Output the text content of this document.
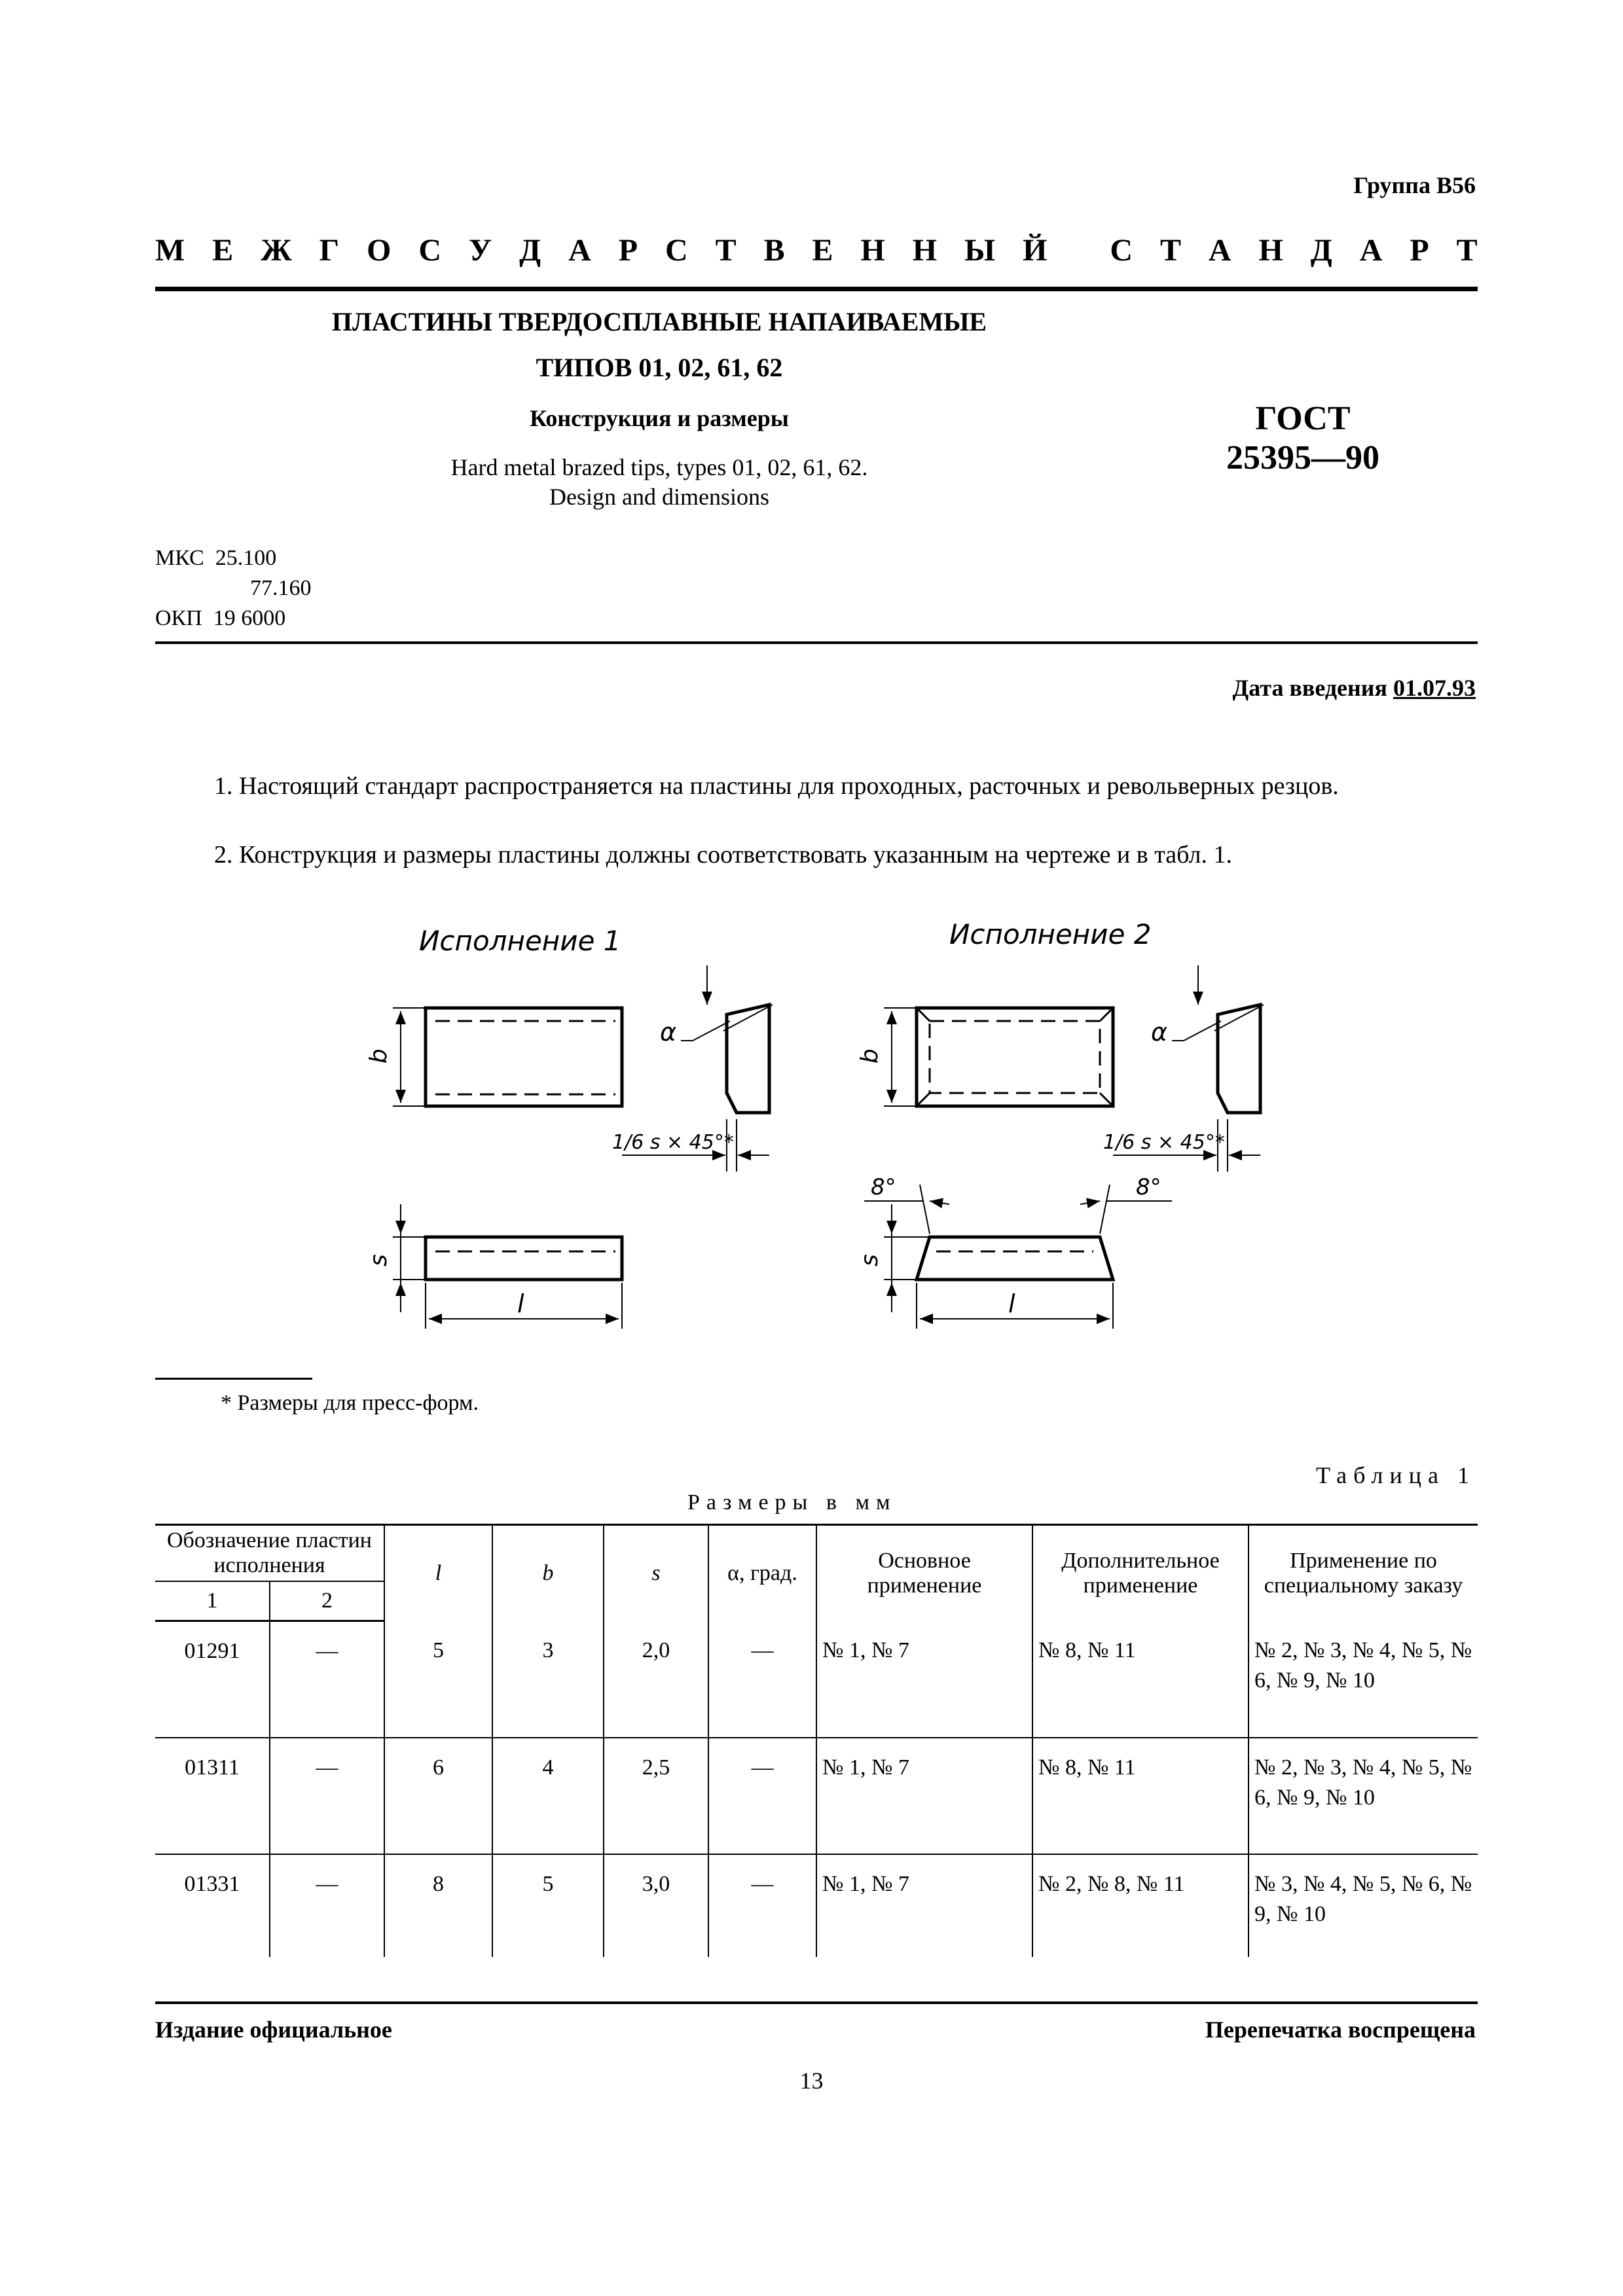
Группа В56
М Е Ж Г О С У Д А Р С Т В Е Н Н Ы Й
С Т А Н Д А Р Т
ПЛАСТИНЫ ТВЕРДОСПЛАВНЫЕ НАПАИВАЕМЫЕ
ТИПОВ 01, 02, 61, 62
Конструкция и размеры
Hard metal brazed tips, types 01, 02, 61, 62.
Design and dimensions
ГОСТ
25395—90
МКС 25.100
77.160
ОКП 19 6000
Дата введения 01.07.93
1. Настоящий стандарт распространяется на пластины для проходных, расточных и револьверных резцов.
2. Конструкция и размеры пластины должны соответствовать указанным на чертеже и в табл. 1.
Исполнение 1	Исполнение 2
b	b
α	α
1/6 s × 45°*	1/6 s × 45°*
s	s
l	l
8°	8°
* Размеры для пресс-форм.
Таблица 1
Размеры в мм
Обозначение пластин исполнения		l	b	s	α, град.	Основное применение	Дополнительное применение	Применение по специальному заказу
1	2							
01291	—	5	3	2,0	—	№ 1, № 7	№ 8, № 11	№ 2, № 3, № 4, № 5, № 6, № 9, № 10
01311	—	6	4	2,5	—	№ 1, № 7	№ 8, № 11	№ 2, № 3, № 4, № 5, № 6, № 9, № 10
01331	—	8	5	3,0	—	№ 1, № 7	№ 2, № 8, № 11	№ 3, № 4, № 5, № 6, № 9, № 10
Издание официальное	Перепечатка воспрещена
13
